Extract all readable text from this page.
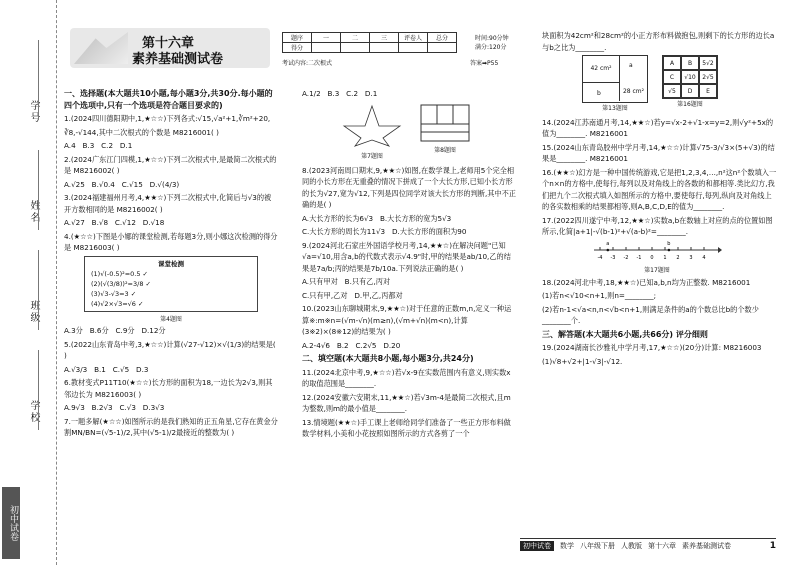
学号
姓名
班级
学校
初中试卷
第十六章
素养基础测试卷
题序	一	二	三	评卷人	总分
得分					
时间:90分钟
满分:120分
考试内容:二次根式	答案➡P55

一、选择题(本大题共10小题,每小题3分,共30分.每小题的四个选项中,只有一个选项是符合题目要求的)

1.(2024四川德阳期中,1,★☆☆)下列各式:√15,√a²+1,∛m²+20,

∛8,-√144,其中二次根式的个数是 M8216001( )

A.4   B.3   C.2   D.1

2.(2024广东江门四模,1,★☆☆)下列二次根式中,是最简二次根式的是 M8216002( )

A.√25   B.√0.4   C.√15   D.√(4/3)

3.(2024福建福州月考,4,★★☆)下列二次根式中,化简后与√3的被开方数相同的是 M8216002( )

A.√27   B.√8   C.√12   D.√18

4.(★☆☆)下图是小娜的课堂检测,若每题3分,则小娜这次检测的得分是 M8216003( )

课堂检测
(1)√(-0.5)²=0.5 ✓
(2)(√(3/8))²=3/8 ✓
(3)√3-√3=3 ✓
(4)√2×√3=√6 ✓
第4题图

A.3分   B.6分   C.9分   D.12分

5.(2022山东青岛中考,3,★☆☆)计算(√27-√12)×√(1/3)的结果是( )

A.√3/3   B.1   C.√5   D.3

6.教材变式P11T10(★☆☆)长方形的面积为18,一边长为2√3,则其邻边长为 M8216003( )

A.9√3   B.2√3   C.√3   D.3√3

7.一题多解(★☆☆)如图所示的是我们熟知的正五角星,它存在黄金分割MN/BN=(√5-1)/2,其中(√5-1)/2最接近的整数为( )

A.1/2   B.3   C.2   D.1

第7题图
第8题图

8.(2023河南周口期末,9,★★☆)如图,在数学课上,老师用5个完全相同的小长方形在无重叠的情况下拼成了一个大长方形,已知小长方形的长为√27,宽为√12,下列是四位同学对该大长方形的判断,其中不正确的是( )

A.大长方形的长为6√3   B.大长方形的宽为5√3

C.大长方形的周长为11√3   D.大长方形的面积为90

9.(2024河北石家庄外国语学校月考,14,★★☆)在解决问题"已知√a=√10,用含a,b的代数式表示√4.9"时,甲的结果是ab/10,乙的结果是7a/b;丙的结果是7b/10a.下列说法正确的是( )

A.只有甲对   B.只有乙,丙对

C.只有甲,乙对   D.甲,乙,丙都对

10.(2023山东聊城期末,9,★★☆)对于任意的正数m,n,定义一种运算※:m※n=(√m-√n)(m≥n),(√m+√n)(m<n),计算(3※2)×(8※12)的结果为( )

A.2-4√6   B.2   C.2√5   D.20

二、填空题(本大题共8小题,每小题3分,共24分)

11.(2024北京中考,9,★☆☆)若√x-9在实数范围内有意义,则实数x的取值范围是________.

12.(2024安徽六安期末,11,★★☆)若√3m-4是最简二次根式,且m为整数,则m的最小值是________.

13.情境题(★★☆)手工课上老师给同学们准备了一些正方形布料做数学材料,小美和小花按照如图所示的方式各剪了一个

块面积为42cm²和28cm²的小正方形布料做抱包,则剩下的长方形的边长a与b之比为________.

42 cm²
28 cm²
a
b
第13题图
A	B	5√2
C	√10	2√5
√5	D	E
第16题图

14.(2024江苏南通月考,14,★★☆)若y=√x-2+√1-x=y=2,则√y²+5x的值为________. M8216001

15.(2024山东青岛胶州中学月考,14,★☆☆)计算√75-3/√3×(5+√3)的结果是________. M8216001

16.(★★☆)幻方是一种中国传统游戏,它是把1,2,3,4,…,n²这n²个数填入一个n×n的方格中,使每行,每列以及对角线上的各数的和都相等.类比幻方,我们把九个二次根式填入如图所示的方格中,要使每行,每列,纵向及对角线上的各实数相乘的结果都相等,则A,B,C,D,E的值为________.

17.(2022四川遂宁中考,12,★★☆)实数a,b在数轴上对应的点的位置如图所示,化简|a+1|-√(b-1)²+√(a-b)²=________.

-4 -3 -2 -1 0 1 2 3 4
a	b
第17题图

18.(2024河北中考,18,★★☆)已知a,b,n均为正整数. M8216001

(1)若n<√10<n+1,则n=________;

(2)若n-1<√a<n,n<√b<n+1,则满足条件的a的个数总比b的个数少________个.

三、解答题(本大题共6小题,共66分) 评分细则

19.(2024湖南长沙雅礼中学月考,17,★☆☆)(20分)计算: M8216003

(1)√8+√2+|1-√3|-√12.

初中试卷	数学 八年级下册 人教版 第十六章 素养基础测试卷	1
